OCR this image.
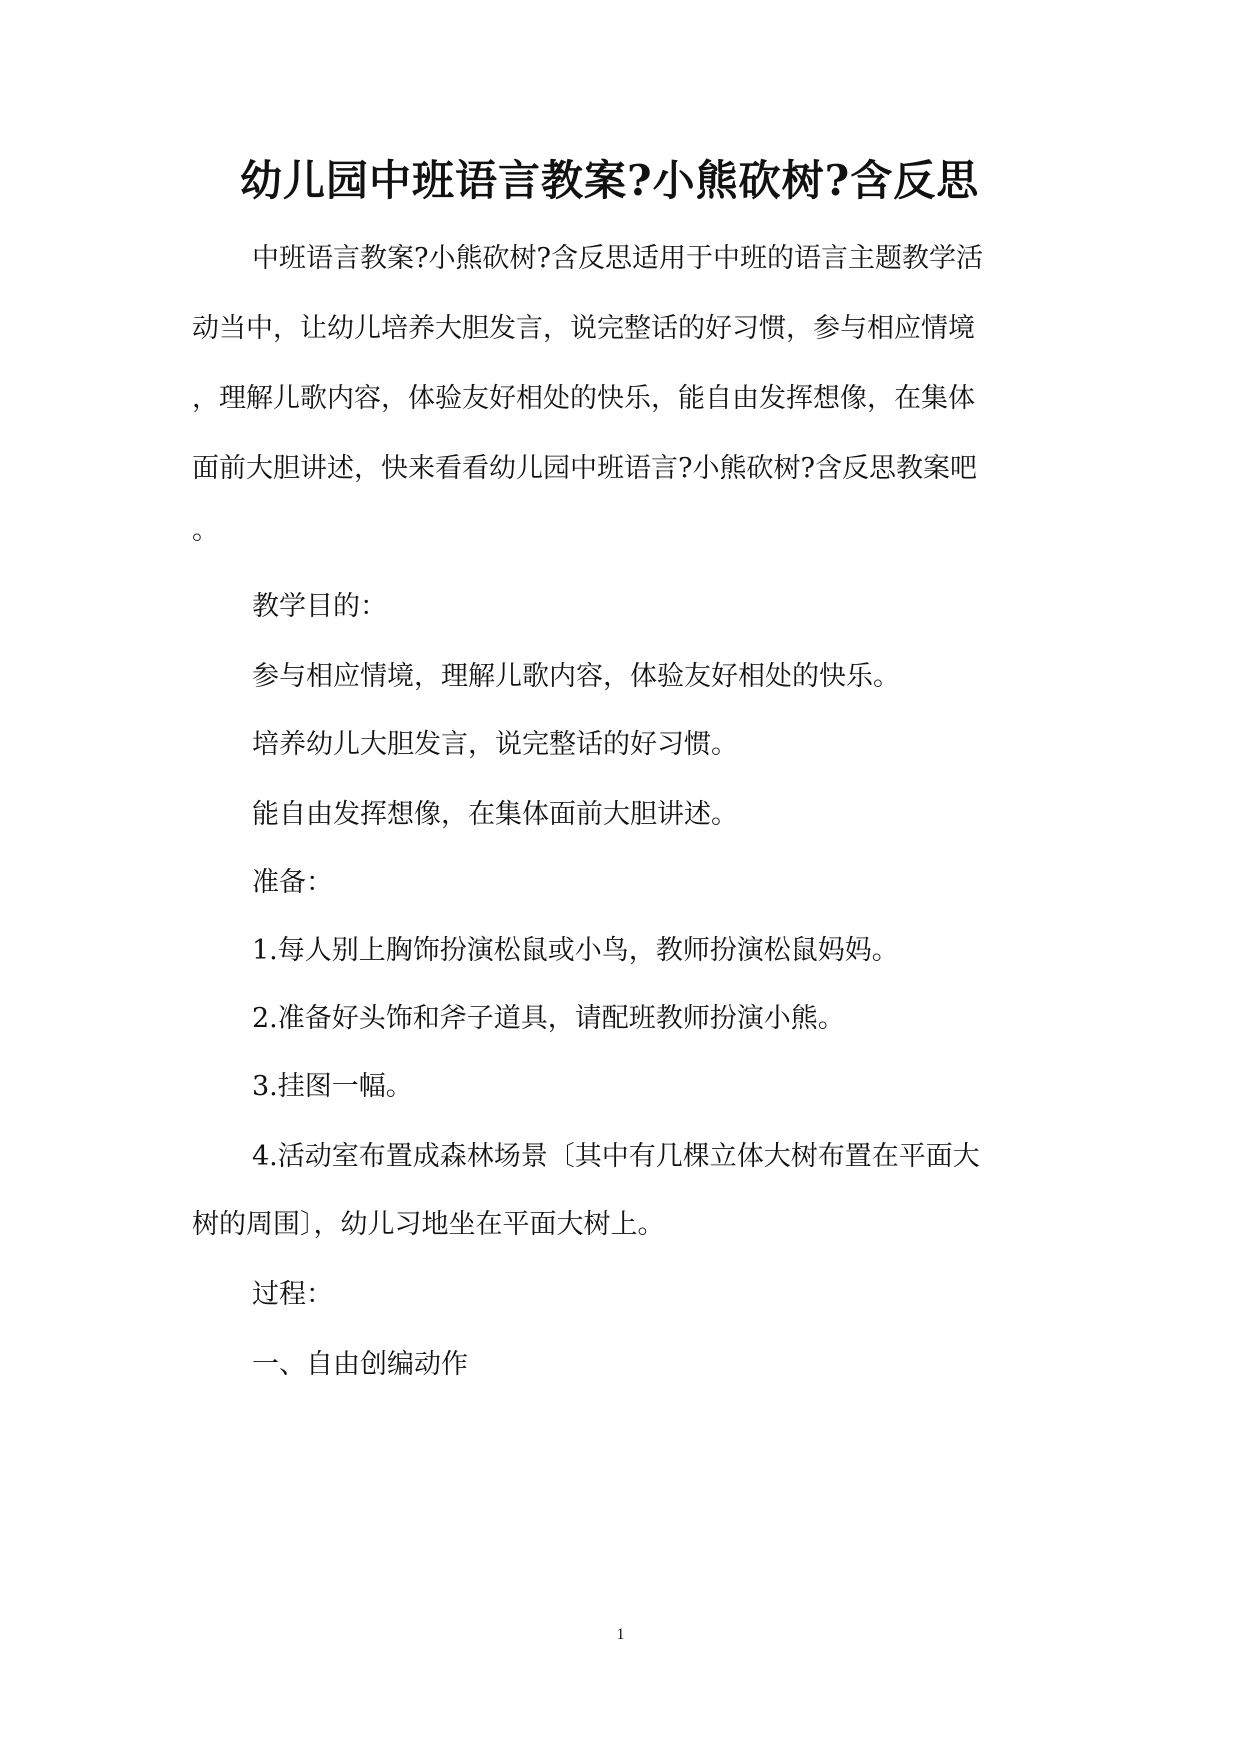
幼儿园中班语言教案?小熊砍树?含反思

中班语言教案?小熊砍树?含反思适用于中班的语言主题教学活

动当中，让幼儿培养大胆发言，说完整话的好习惯，参与相应情境

，理解儿歌内容，体验友好相处的快乐，能自由发挥想像，在集体

面前大胆讲述，快来看看幼儿园中班语言?小熊砍树?含反思教案吧

。

教学目的：

参与相应情境，理解儿歌内容，体验友好相处的快乐。

培养幼儿大胆发言，说完整话的好习惯。

能自由发挥想像，在集体面前大胆讲述。

准备：

1.每人别上胸饰扮演松鼠或小鸟，教师扮演松鼠妈妈。

2.准备好头饰和斧子道具，请配班教师扮演小熊。

3.挂图一幅。

4.活动室布置成森林场景〔其中有几棵立体大树布置在平面大

树的周围〕，幼儿习地坐在平面大树上。

过程：

一、自由创编动作

1
